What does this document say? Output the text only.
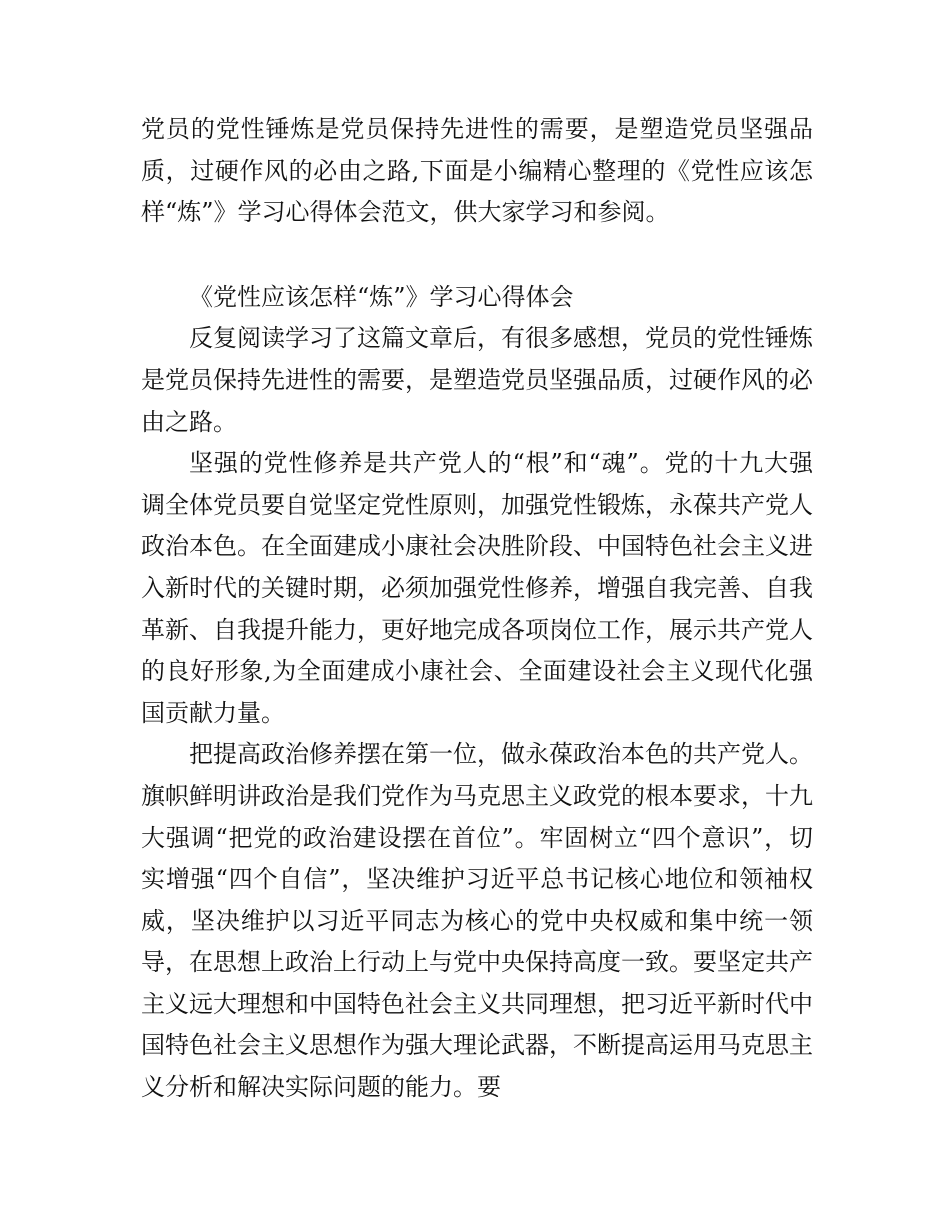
党员的党性锤炼是党员保持先进性的需要，是塑造党员坚强品质，过硬作风的必由之路,下面是小编精心整理的《党性应该怎样“炼”》学习心得体会范文，供大家学习和参阅。

《党性应该怎样“炼”》学习心得体会

反复阅读学习了这篇文章后，有很多感想，党员的党性锤炼是党员保持先进性的需要，是塑造党员坚强品质，过硬作风的必由之路。

坚强的党性修养是共产党人的“根”和“魂”。党的十九大强调全体党员要自觉坚定党性原则，加强党性锻炼，永葆共产党人政治本色。在全面建成小康社会决胜阶段、中国特色社会主义进入新时代的关键时期，必须加强党性修养，增强自我完善、自我革新、自我提升能力，更好地完成各项岗位工作，展示共产党人的良好形象,为全面建成小康社会、全面建设社会主义现代化强国贡献力量。

把提高政治修养摆在第一位，做永葆政治本色的共产党人。旗帜鲜明讲政治是我们党作为马克思主义政党的根本要求，十九大强调“把党的政治建设摆在首位”。牢固树立“四个意识”，切实增强“四个自信”，坚决维护习近平总书记核心地位和领袖权威，坚决维护以习近平同志为核心的党中央权威和集中统一领导，在思想上政治上行动上与党中央保持高度一致。要坚定共产主义远大理想和中国特色社会主义共同理想，把习近平新时代中国特色社会主义思想作为强大理论武器，不断提高运用马克思主义分析和解决实际问题的能力。要
